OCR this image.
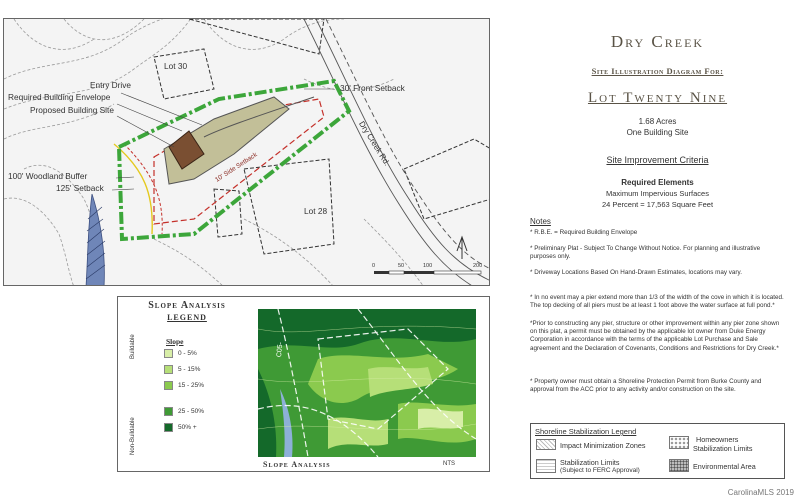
Entry Drive
Required Building Envelope
Proposed Building Site
100' Woodland Buffer
125' Setback
30' Front Setback
10' Side Setback
Dry Creek Rd.
Lot 30
Lot 28
0	50	100	200
Slope Analysis
LEGEND
Slope
Buildable
Non-Buildable
0 - 5%
5 - 15%
15 - 25%
25 - 50%
50% +
C05-
Slope Analysis	NTS
Dry Creek
Site Illustration Diagram For:
Lot Twenty Nine
1.68 Acres
One Building Site
Site Improvement Criteria
Required Elements
Maximum Impervious Surfaces
24 Percent = 17,563 Square Feet
Notes
* R.B.E. = Required Building Envelope
* Preliminary Plat - Subject To Change Without Notice. For planning and illustrative purposes only.
* Driveway Locations Based On Hand-Drawn Estimates, locations may vary.
* In no event may a pier extend more than 1/3 of the width of the cove in which it is located. The top decking of all piers must be at least 1 foot above the water surface at full pond.*
*Prior to constructing any pier, structure or other improvement within any pier zone shown on this plat, a permit must be obtained by the applicable lot owner from Duke Energy Corporation in accordance with the terms of the applicable Lot Purchase and Sale agreement and the Declaration of Covenants, Conditions and Restrictions for Dry Creek.*
* Property owner must obtain a Shoreline Protection Permit from Burke County and approval from the ACC prior to any activity and/or construction on the site.
Shoreline Stabilization Legend
Impact Minimization Zones
Homeowners
Stabilization Limits
Stabilization Limits
(Subject to FERC Approval)	Environmental Area
CarolinaMLS 2019
